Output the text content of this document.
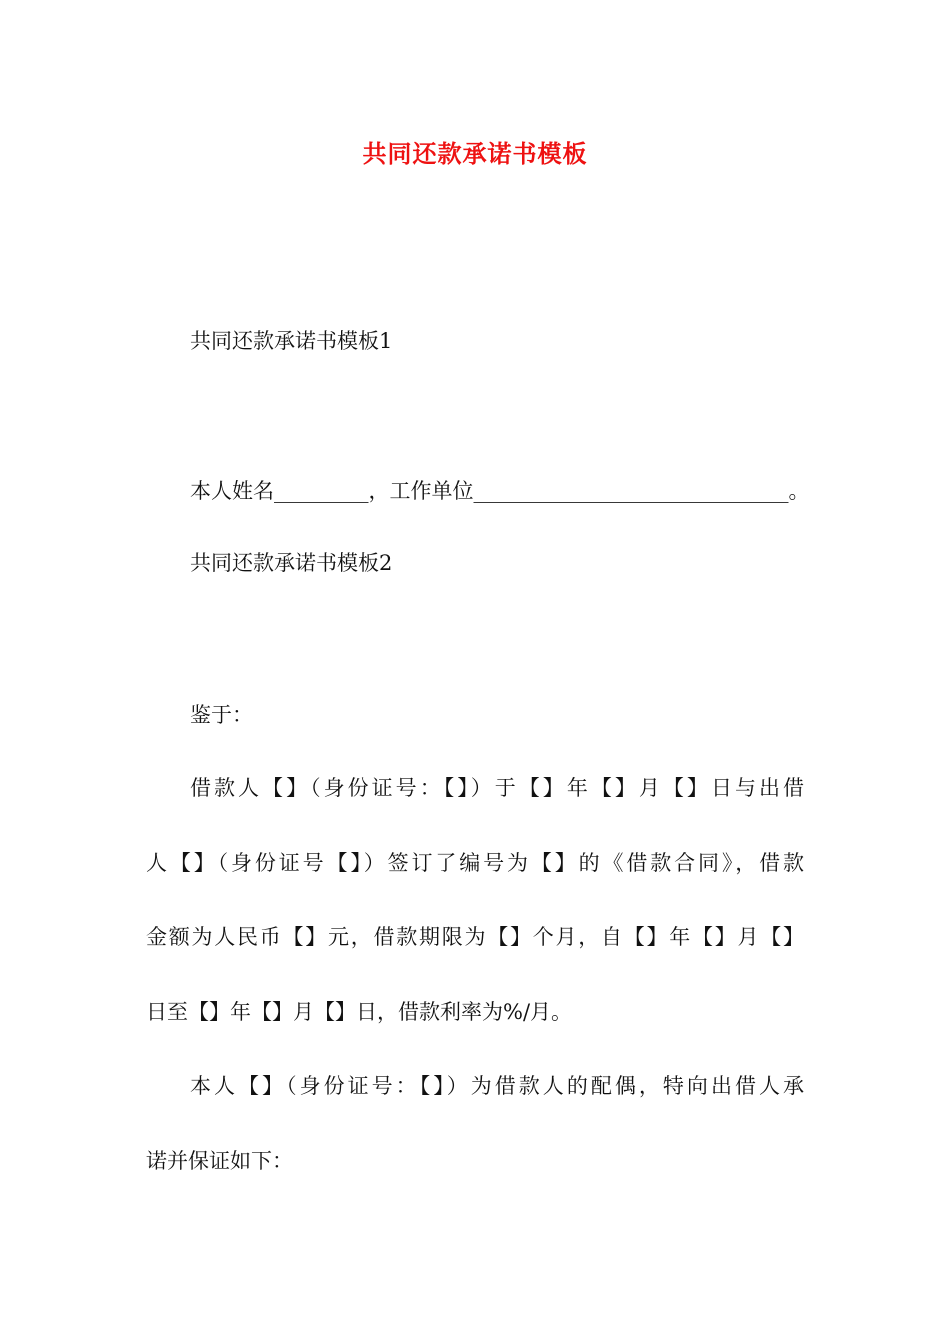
共同还款承诺书模板
共同还款承诺书模板1
本人姓名_________，工作单位______________________________。
共同还款承诺书模板2
鉴于：
借款人【】（身份证号：【】）于【】年【】月【】日与出借
人【】（身份证号【】）签订了编号为【】的《借款合同》，借款
金额为人民币【】元，借款期限为【】个月，自【】年【】月【】
日至【】年【】月【】日，借款利率为%/月。
本人【】（身份证号：【】）为借款人的配偶，特向出借人承
诺并保证如下：
